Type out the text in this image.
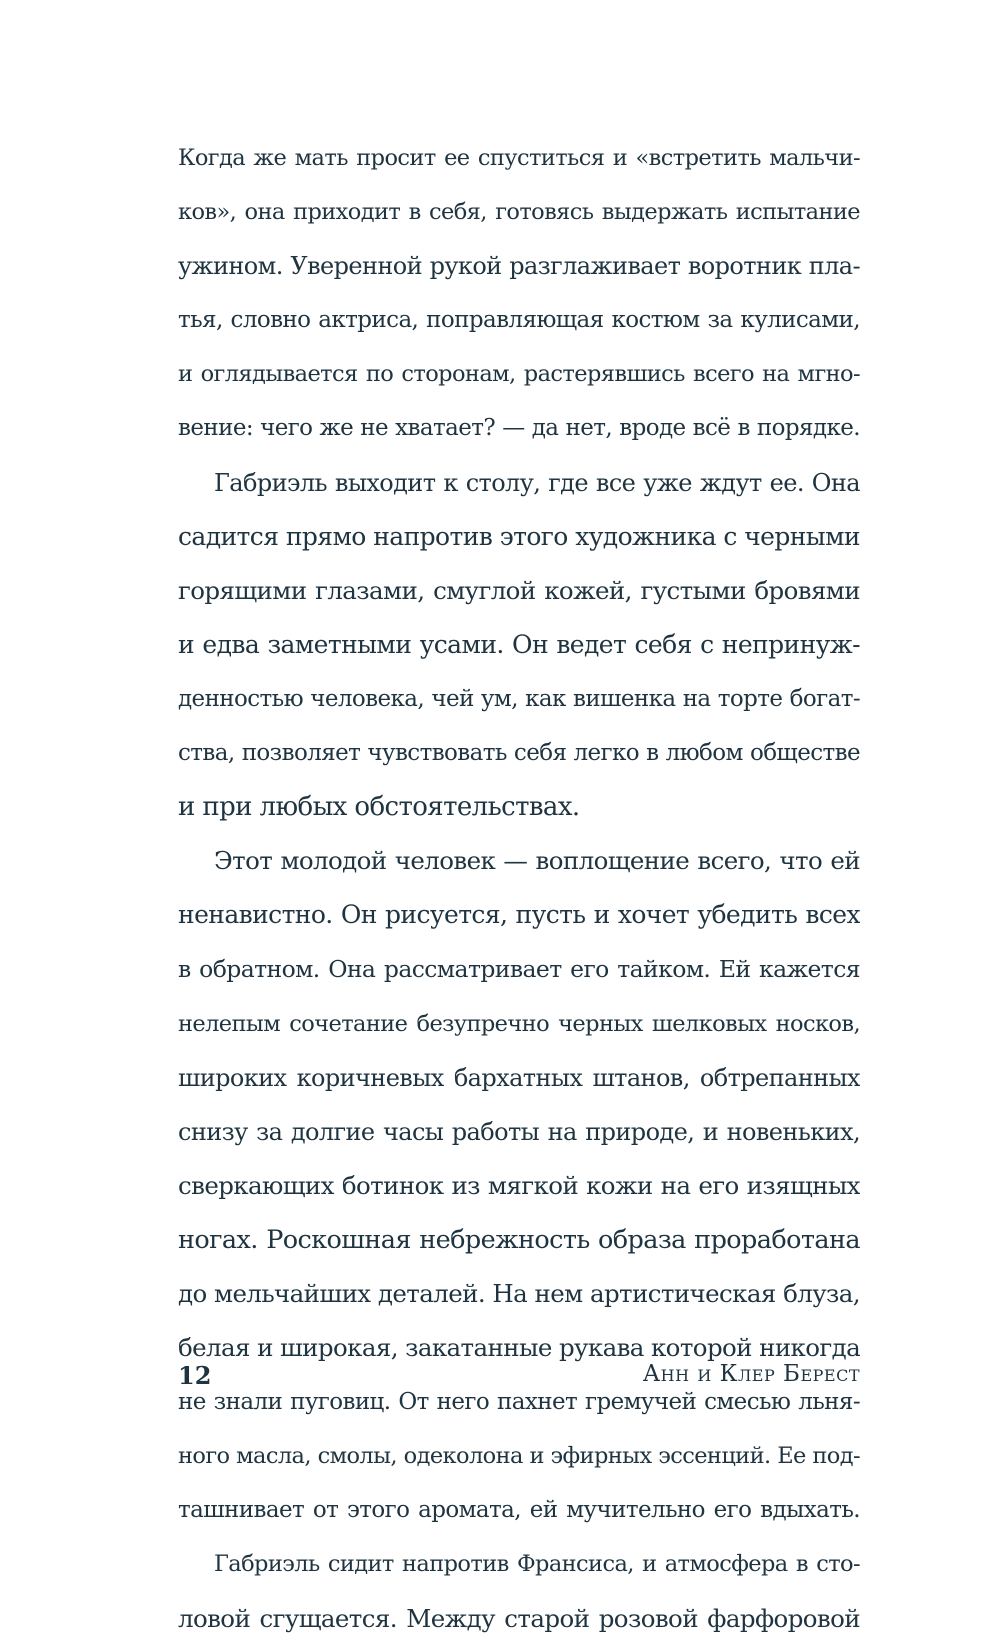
Когда же мать просит ее спуститься и «встретить мальчи-
ков», она приходит в себя, готовясь выдержать испытание
ужином. Уверенной рукой разглаживает воротник пла-
тья, словно актриса, поправляющая костюм за кулисами,
и оглядывается по сторонам, растерявшись всего на мгно-
вение: чего же не хватает? — да нет, вроде всё в порядке.
Габриэль выходит к столу, где все уже ждут ее. Она
садится прямо напротив этого художника с черными
горящими глазами, смуглой кожей, густыми бровями
и едва заметными усами. Он ведет себя с непринуж-
денностью человека, чей ум, как вишенка на торте богат-
ства, позволяет чувствовать себя легко в любом обществе
и при любых обстоятельствах.
Этот молодой человек — воплощение всего, что ей
ненавистно. Он рисуется, пусть и хочет убедить всех
в обратном. Она рассматривает его тайком. Ей кажется
нелепым сочетание безупречно черных шелковых носков,
широких коричневых бархатных штанов, обтрепанных
снизу за долгие часы работы на природе, и новеньких,
сверкающих ботинок из мягкой кожи на его изящных
ногах. Роскошная небрежность образа проработана
до мельчайших деталей. На нем артистическая блуза,
белая и широкая, закатанные рукава которой никогда
не знали пуговиц. От него пахнет гремучей смесью льня-
ного масла, смолы, одеколона и эфирных эссенций. Ее под-
ташнивает от этого аромата, ей мучительно его вдыхать.
Габриэль сидит напротив Франсиса, и атмосфера в сто-
ловой сгущается. Между старой розовой фарфоровой
12	Анн и Клер Берест
